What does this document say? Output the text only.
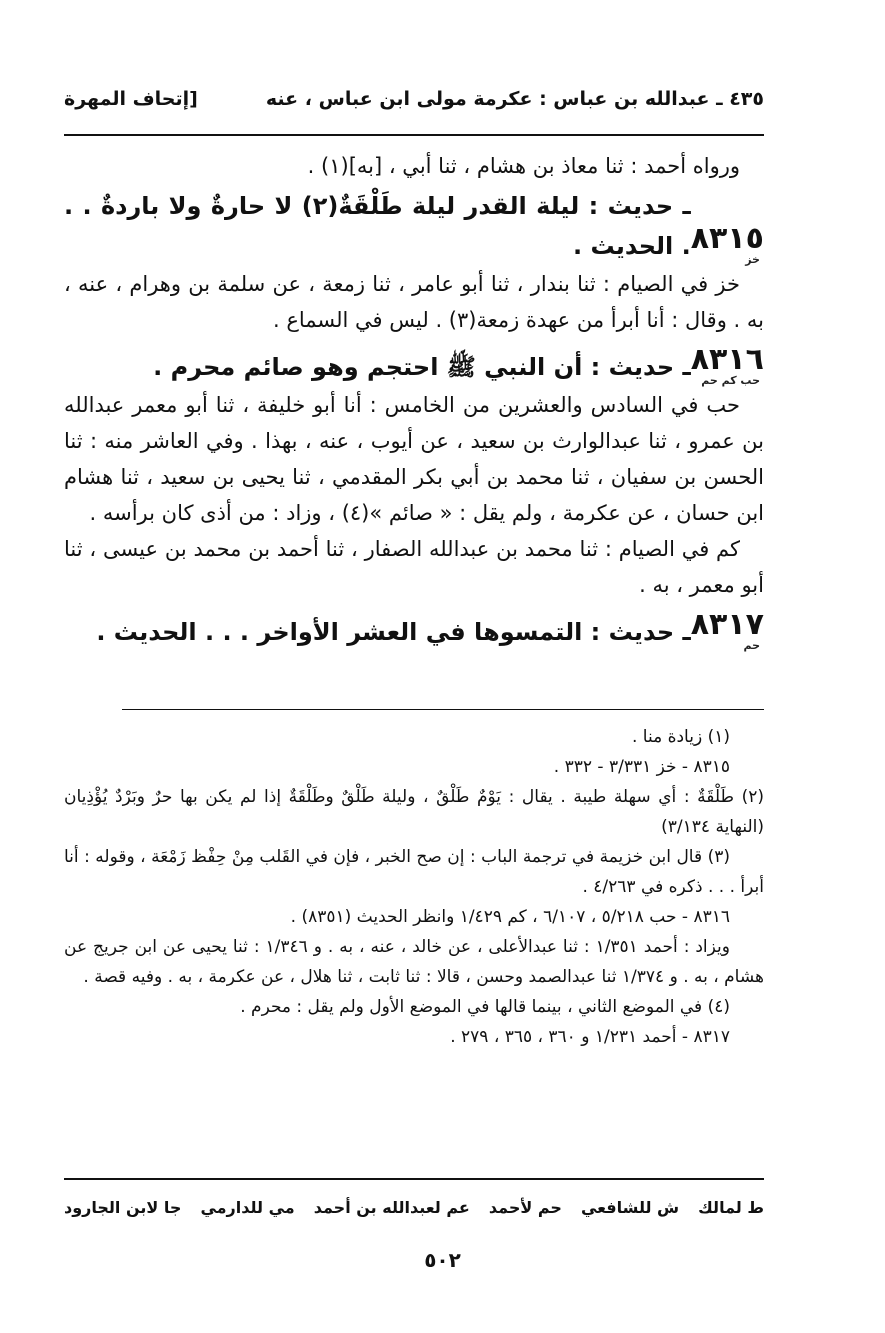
٤٣٥ ـ عبدالله بن عباس : عكرمة مولى ابن عباس ، عنه
[إتحاف المهرة

ورواه أحمد : ثنا معاذ بن هشام ، ثنا أبي ، [به](١) .

٨٣١٥
خز
ـ حديث : ليلة القدر ليلة طَلْقَةٌ(٢) لا حارةٌ ولا باردةٌ . . . الحديث .

خز في الصيام : ثنا بندار ، ثنا أبو عامر ، ثنا زمعة ، عن سلمة بن وهرام ، عنه ، به . وقال : أنا أبرأ من عهدة زمعة(٣) . ليس في السماع .

٨٣١٦
حب كم حم
ـ حديث : أن النبي ﷺ احتجم وهو صائم محرم .

حب في السادس والعشرين من الخامس : أنا أبو خليفة ، ثنا أبو معمر عبدالله بن عمرو ، ثنا عبدالوارث بن سعيد ، عن أيوب ، عنه ، بهذا . وفي العاشر منه : ثنا الحسن بن سفيان ، ثنا محمد بن أبي بكر المقدمي ، ثنا يحيى بن سعيد ، ثنا هشام ابن حسان ، عن عكرمة ، ولم يقل : « صائم »(٤) ، وزاد : من أذى كان برأسه .

كم في الصيام : ثنا محمد بن عبدالله الصفار ، ثنا أحمد بن محمد بن عيسى ، ثنا أبو معمر ، به .

٨٣١٧
حم
ـ حديث : التمسوها في العشر الأواخر . . . الحديث .

(١) زيادة منا .

٨٣١٥ - خز ٣/٣٣١ - ٣٣٢ .

(٢) طَلْقَةٌ : أي سهلة طيبة . يقال : يَوْمٌ طَلْقٌ ، وليلة طَلْقٌ وطَلْقَةٌ إذا لم يكن بها حرٌ وبَرْدٌ يُؤْذِيان (النهاية ٣/١٣٤)

(٣) قال ابن خزيمة في ترجمة الباب : إن صح الخبر ، فإن في القَلب مِنْ حِفْظ زَمْعَة ، وقوله : أنا أبرأ . . . ذكره في ٤/٢٦٣ .

٨٣١٦ - حب ٥/٢١٨ ، ٦/١٠٧ ، كم ١/٤٢٩ وانظر الحديث (٨٣٥١) .

ويزاد : أحمد ١/٣٥١ : ثنا عبدالأعلى ، عن خالد ، عنه ، به . و ١/٣٤٦ : ثنا يحيى عن ابن جريج عن هشام ، به . و ١/٣٧٤ ثنا عبدالصمد وحسن ، قالا : ثنا ثابت ، ثنا هلال ، عن عكرمة ، به . وفيه قصة .

(٤) في الموضع الثاني ، بينما قالها في الموضع الأول ولم يقل : محرم .

٨٣١٧ - أحمد ١/٢٣١ و ٣٦٠ ، ٣٦٥ ، ٢٧٩ .

ط لمالك
ش للشافعي
حم لأحمد
عم لعبدالله بن أحمد
مي للدارمي
جا لابن الجارود
٥٠٢
